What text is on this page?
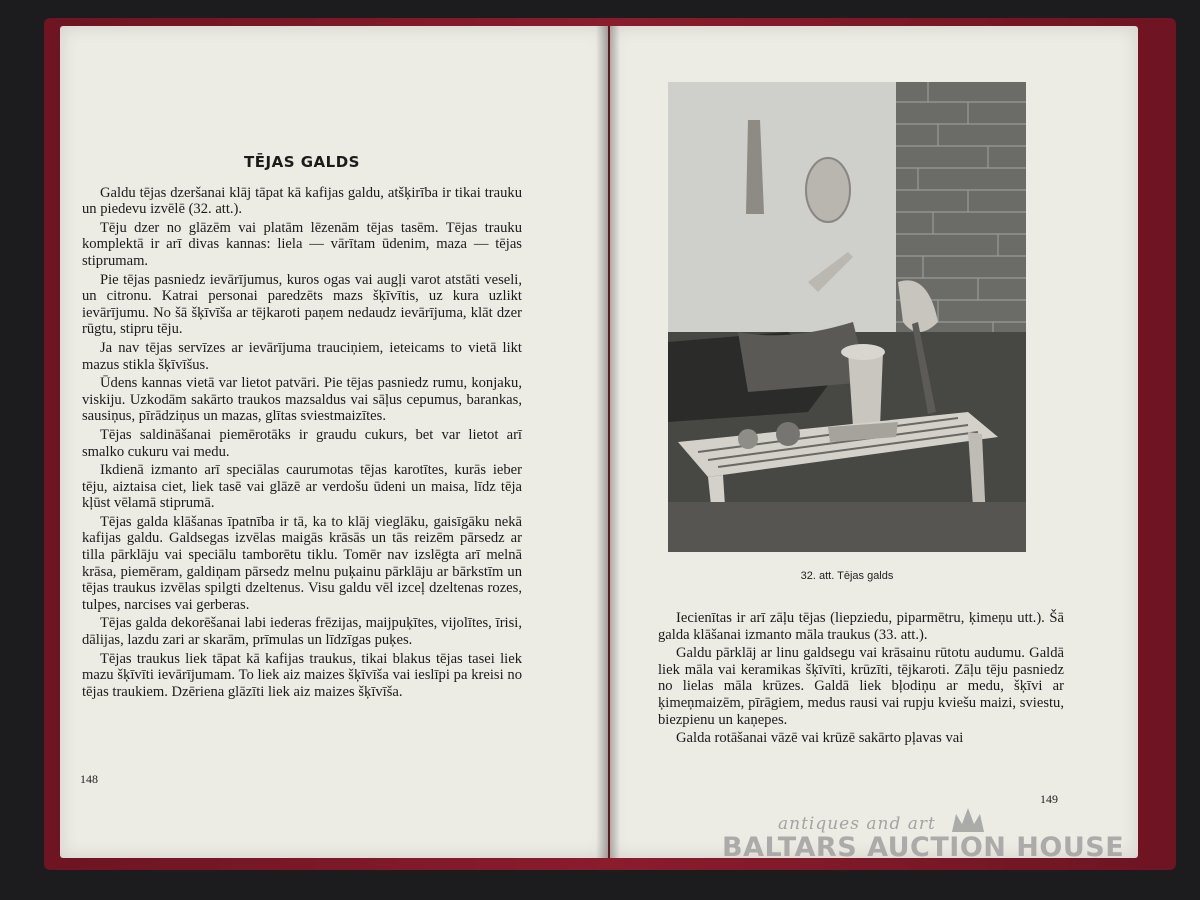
TĒJAS GALDS

Galdu tējas dzeršanai klāj tāpat kā kafijas galdu, atšķirība ir tikai trauku un piedevu izvēlē (32. att.).

Tēju dzer no glāzēm vai platām lēzenām tējas tasēm. Tējas trauku komplektā ir arī divas kannas: liela — vārītam ūdenim, maza — tējas stiprumam.

Pie tējas pasniedz ievārījumus, kuros ogas vai augļi varot atstāti veseli, un citronu. Katrai personai paredzēts mazs šķīvītis, uz kura uzlikt ievārījumu. No šā šķīvīša ar tējkaroti paņem nedaudz ievārījuma, klāt dzer rūgtu, stipru tēju.

Ja nav tējas servīzes ar ievārījuma trauciņiem, ieteicams to vietā likt mazus stikla šķīvīšus.

Ūdens kannas vietā var lietot patvāri. Pie tējas pasniedz rumu, konjaku, viskiju. Uzkodām sakārto traukos mazsaldus vai sāļus cepumus, barankas, sausiņus, pīrādziņus un mazas, glītas sviestmaizītes.

Tējas saldināšanai piemērotāks ir graudu cukurs, bet var lietot arī smalko cukuru vai medu.

Ikdienā izmanto arī speciālas caurumotas tējas karotītes, kurās ieber tēju, aiztaisa ciet, liek tasē vai glāzē ar verdošu ūdeni un maisa, līdz tēja kļūst vēlamā stiprumā.

Tējas galda klāšanas īpatnība ir tā, ka to klāj vieglāku, gaisīgāku nekā kafijas galdu. Galdsegas izvēlas maigās krāsās un tās reizēm pārsedz ar tilla pārklāju vai speciālu tamborētu tiklu. Tomēr nav izslēgta arī melnā krāsa, piemēram, galdiņam pārsedz melnu puķainu pārklāju ar bārkstīm un tējas traukus izvēlas spilgti dzeltenus. Visu galdu vēl izceļ dzeltenas rozes, tulpes, narcises vai gerberas.

Tējas galda dekorēšanai labi iederas frēzijas, maijpuķītes, vijolītes, īrisi, dālijas, lazdu zari ar skarām, prīmulas un līdzīgas puķes.

Tējas traukus liek tāpat kā kafijas traukus, tikai blakus tējas tasei liek mazu šķīvīti ievārījumam. To liek aiz maizes šķīvīša vai ieslīpi pa kreisi no tējas traukiem. Dzēriena glāzīti liek aiz maizes šķīvīša.

148
32. att. Tējas galds

Iecienītas ir arī zāļu tējas (liepziedu, piparmētru, ķimeņu utt.). Šā galda klāšanai izmanto māla traukus (33. att.).

Galdu pārklāj ar linu galdsegu vai krāsainu rūtotu audumu. Galdā liek māla vai keramikas šķīvīti, krūzīti, tējkaroti. Zāļu tēju pasniedz no lielas māla krūzes. Galdā liek bļodiņu ar medu, šķīvi ar ķimeņmaizēm, pīrāgiem, medus rausi vai rupju kviešu maizi, sviestu, biezpienu un kaņepes.

Galda rotāšanai vāzē vai krūzē sakārto pļavas vai

149
antiques and art
BALTARS AUCTION HOUSE
